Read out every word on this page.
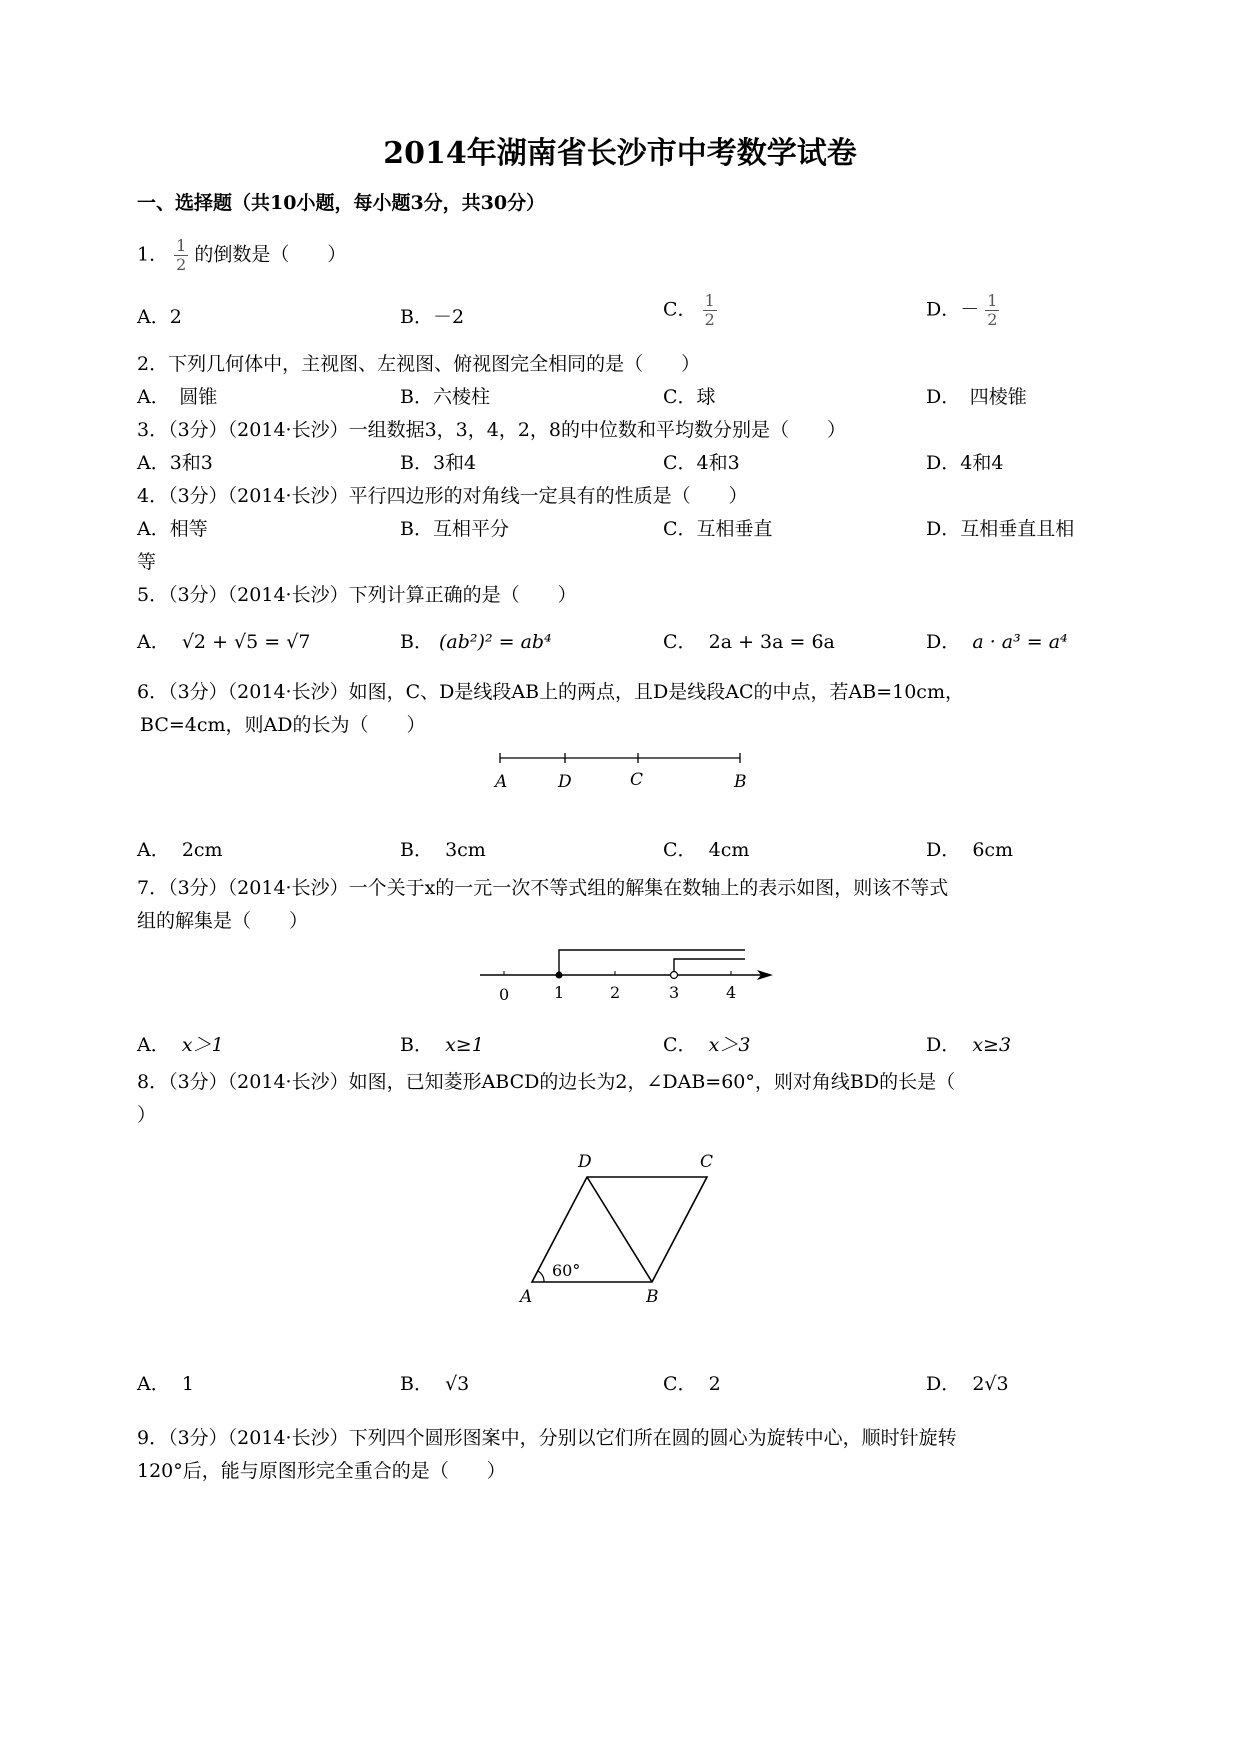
2014年湖南省长沙市中考数学试卷
一、选择题（共10小题，每小题3分，共30分）
1． $\frac{1}{2}$ 的倒数是（　　）
A．2	B．－2	C． $\frac{1}{2}$	D．－ $\frac{1}{2}$
2．下列几何体中，主视图、左视图、俯视图完全相同的是（　　）
A．　圆锥	B．六棱柱	C．球	D．　四棱锥
3．（3分）（2014·长沙）一组数据3，3，4，2，8的中位数和平均数分别是（　　）
A．3和3	B．3和4	C．4和3	D．4和4
4．（3分）（2014·长沙）平行四边形的对角线一定具有的性质是（　　）
A．相等	B．互相平分	C．互相垂直	D．互相垂直且相
等
5．（3分）（2014·长沙）下列计算正确的是（　　）
A． √2 + √5 = √7	B． (ab²)² = ab⁴	C． 2a + 3a = 6a	D． a · a³ = a⁴
6．（3分）（2014·长沙）如图，C、D是线段AB上的两点，且D是线段AC的中点，若AB=10cm，
BC=4cm，则AD的长为（　　）
A	D	C	B
A． 2cm	B． 3cm	C． 4cm	D． 6cm
7．（3分）（2014·长沙）一个关于x的一元一次不等式组的解集在数轴上的表示如图，则该不等式
组的解集是（　　）
0	1	2	3	4
A． x＞1	B． x≥1	C． x＞3	D． x≥3
8．（3分）（2014·长沙）如图，已知菱形ABCD的边长为2，∠DAB=60°，则对角线BD的长是（
）
60°
A	B
D	C
A． 1	B． √3	C． 2	D． 2√3
9．（3分）（2014·长沙）下列四个圆形图案中，分别以它们所在圆的圆心为旋转中心，顺时针旋转
120°后，能与原图形完全重合的是（　　）
